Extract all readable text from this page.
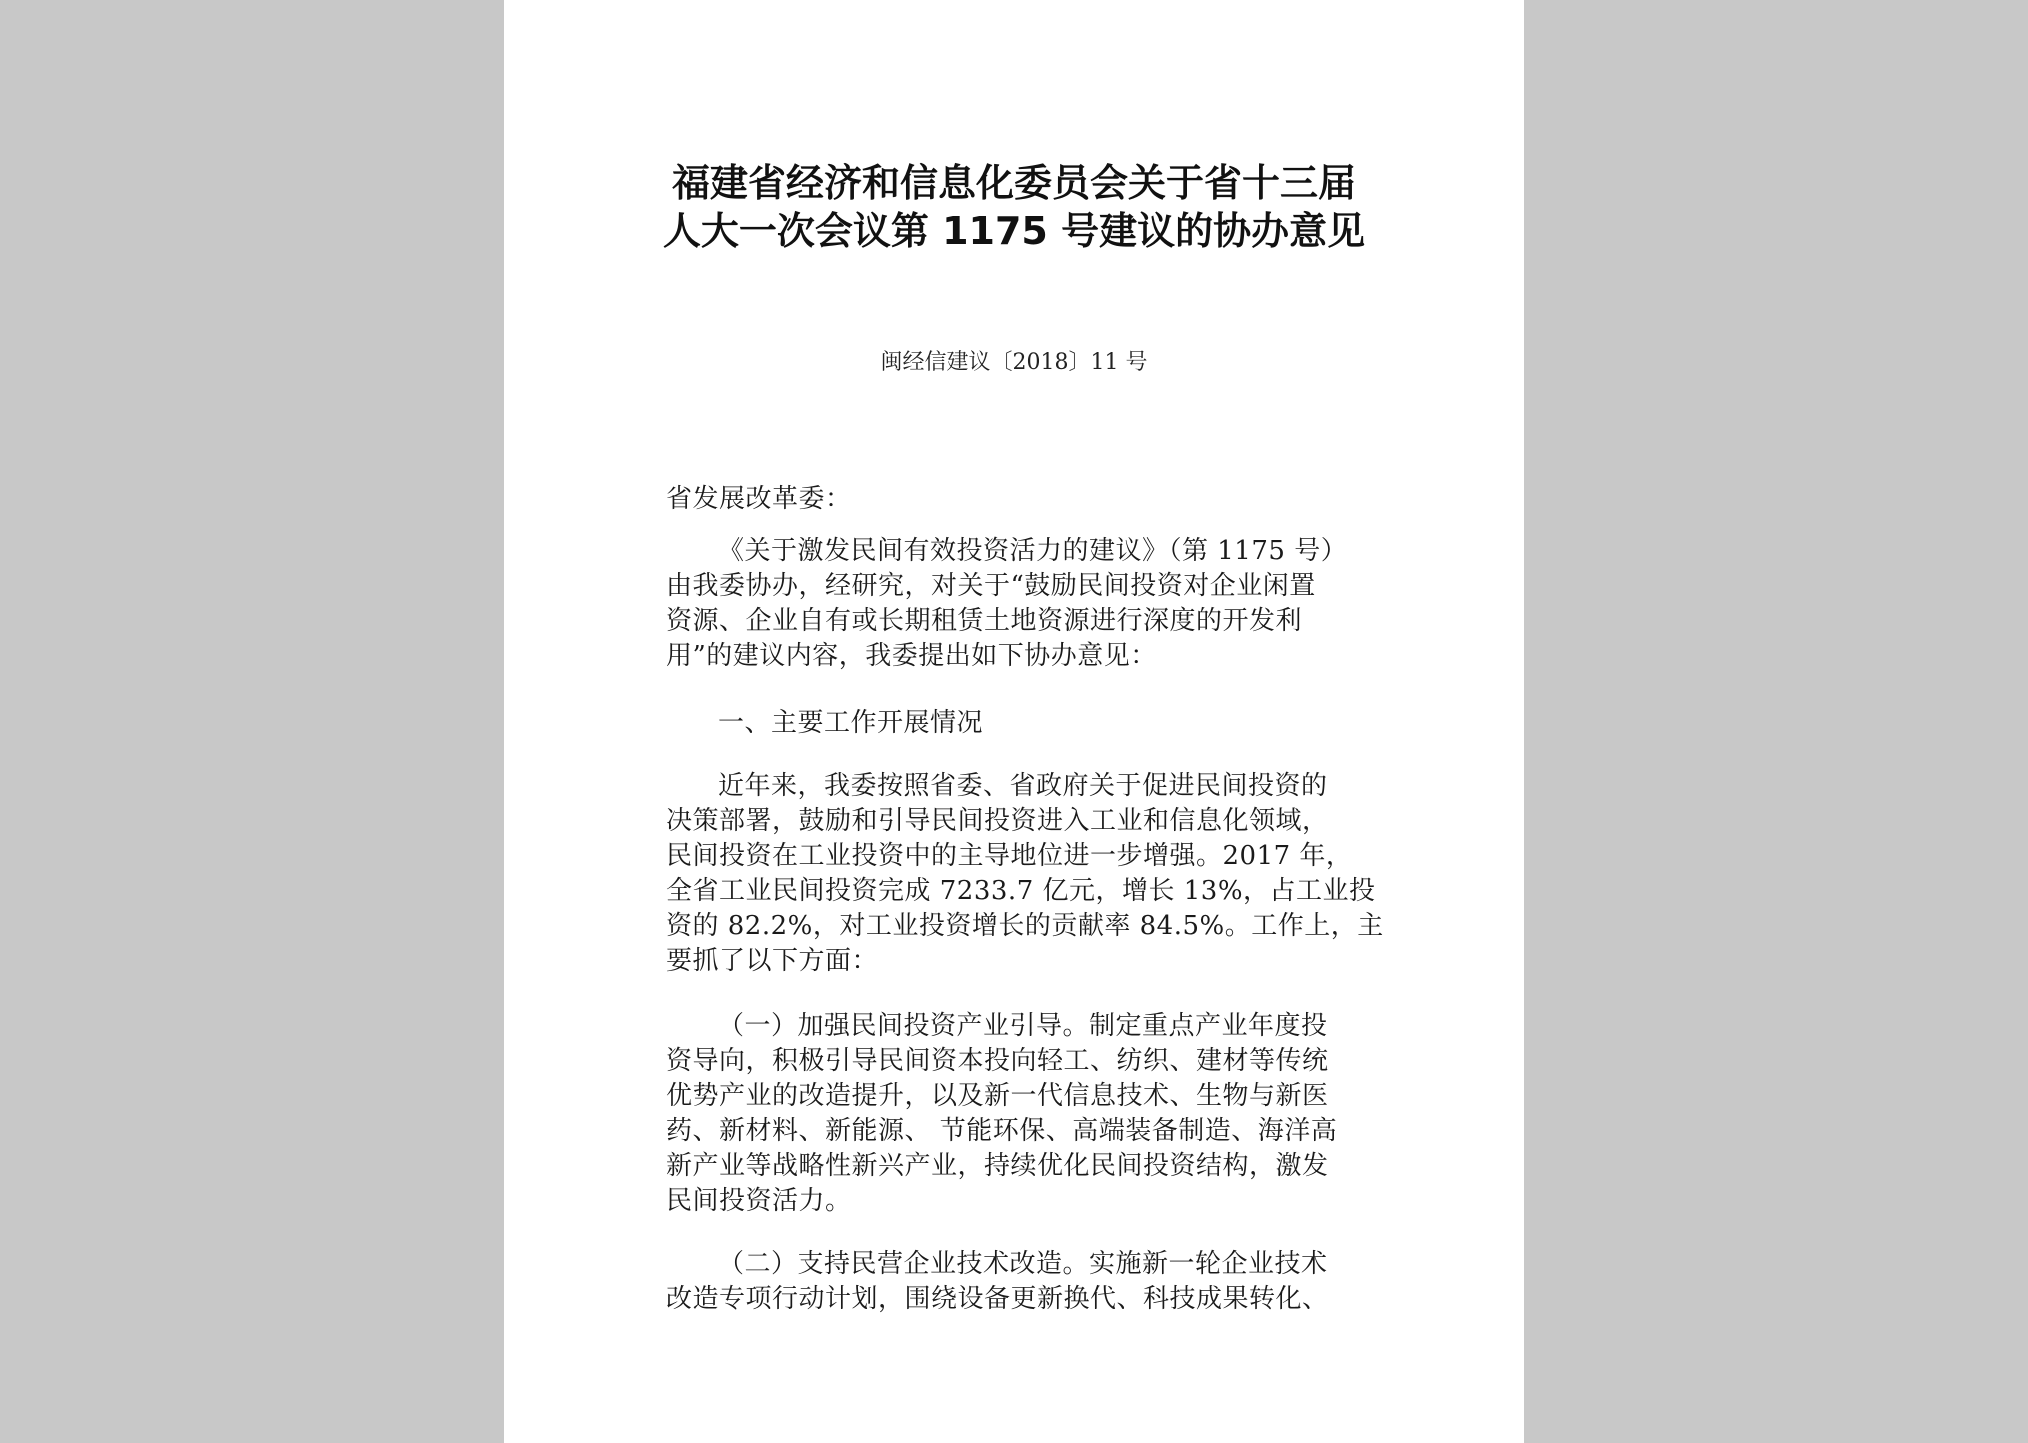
福建省经济和信息化委员会关于省十三届
人大一次会议第 1175 号建议的协办意见
闽经信建议〔2018〕11 号
省发展改革委：
《关于激发民间有效投资活力的建议》（第 1175 号）
由我委协办，经研究，对关于“鼓励民间投资对企业闲置
资源、企业自有或长期租赁土地资源进行深度的开发利
用”的建议内容，我委提出如下协办意见：
一、主要工作开展情况
近年来，我委按照省委、省政府关于促进民间投资的
决策部署，鼓励和引导民间投资进入工业和信息化领域，
民间投资在工业投资中的主导地位进一步增强。2017 年，
全省工业民间投资完成 7233.7 亿元，增长 13%，占工业投
资的 82.2%，对工业投资增长的贡献率 84.5%。工作上，主
要抓了以下方面：
（一）加强民间投资产业引导。制定重点产业年度投
资导向，积极引导民间资本投向轻工、纺织、建材等传统
优势产业的改造提升，以及新一代信息技术、生物与新医
药、新材料、新能源、 节能环保、高端装备制造、海洋高
新产业等战略性新兴产业，持续优化民间投资结构，激发
民间投资活力。
（二）支持民营企业技术改造。实施新一轮企业技术
改造专项行动计划，围绕设备更新换代、科技成果转化、
